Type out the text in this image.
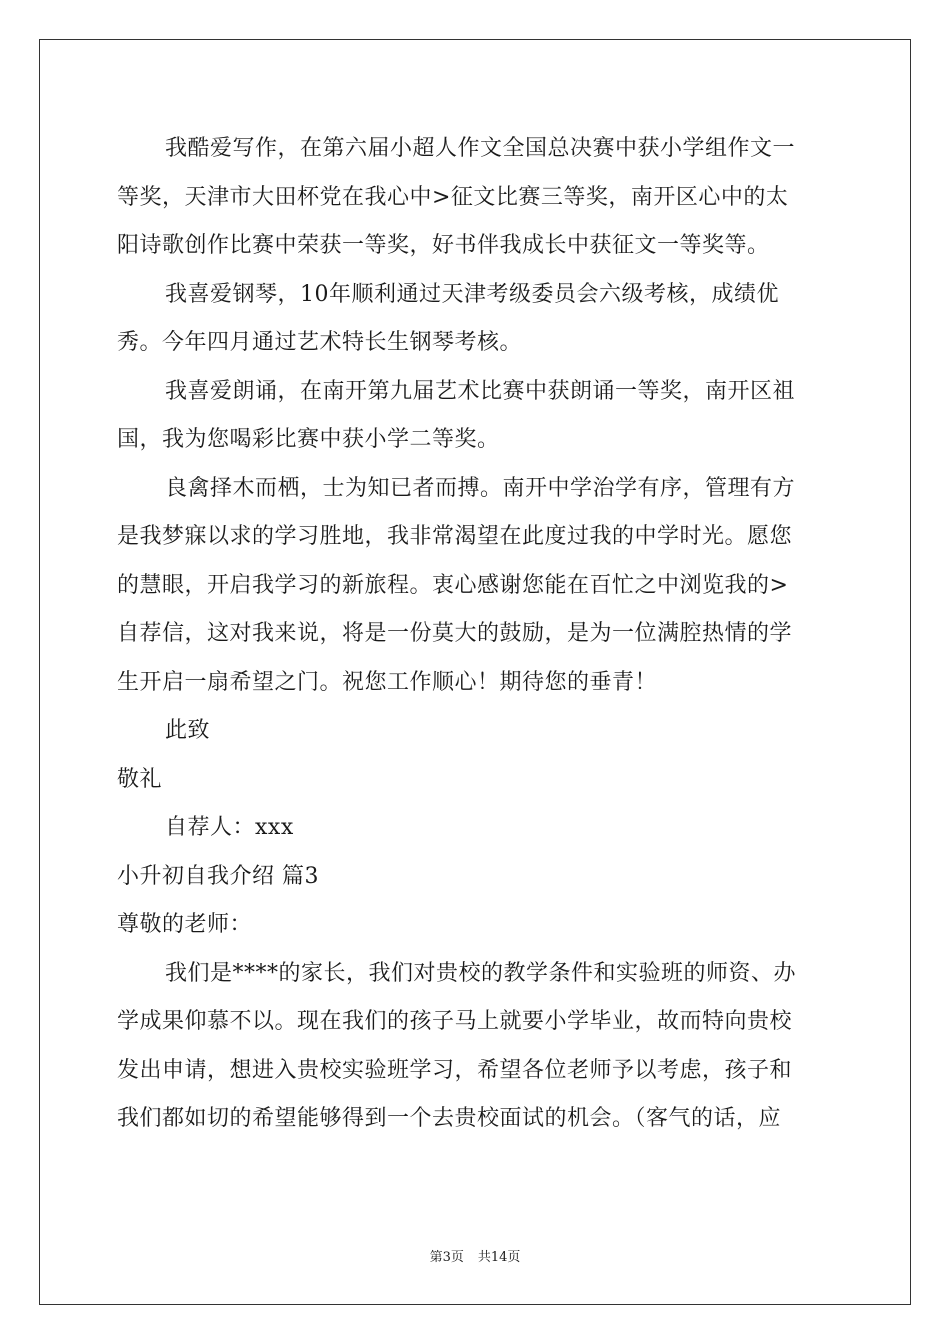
我酷爱写作，在第六届小超人作文全国总决赛中获小学组作文一
等奖，天津市大田杯党在我心中>征文比赛三等奖，南开区心中的太
阳诗歌创作比赛中荣获一等奖，好书伴我成长中获征文一等奖等。
我喜爱钢琴，10年顺利通过天津考级委员会六级考核，成绩优
秀。今年四月通过艺术特长生钢琴考核。
我喜爱朗诵，在南开第九届艺术比赛中获朗诵一等奖，南开区祖
国，我为您喝彩比赛中获小学二等奖。
良禽择木而栖，士为知已者而搏。南开中学治学有序，管理有方
是我梦寐以求的学习胜地，我非常渴望在此度过我的中学时光。愿您
的慧眼，开启我学习的新旅程。衷心感谢您能在百忙之中浏览我的>
自荐信，这对我来说，将是一份莫大的鼓励，是为一位满腔热情的学
生开启一扇希望之门。祝您工作顺心！期待您的垂青！
此致
敬礼
自荐人：xxx
小升初自我介绍 篇3
尊敬的老师：
我们是****的家长，我们对贵校的教学条件和实验班的师资、办
学成果仰慕不以。现在我们的孩子马上就要小学毕业，故而特向贵校
发出申请，想进入贵校实验班学习，希望各位老师予以考虑，孩子和
我们都如切的希望能够得到一个去贵校面试的机会。（客气的话，应
第3页 共14页
